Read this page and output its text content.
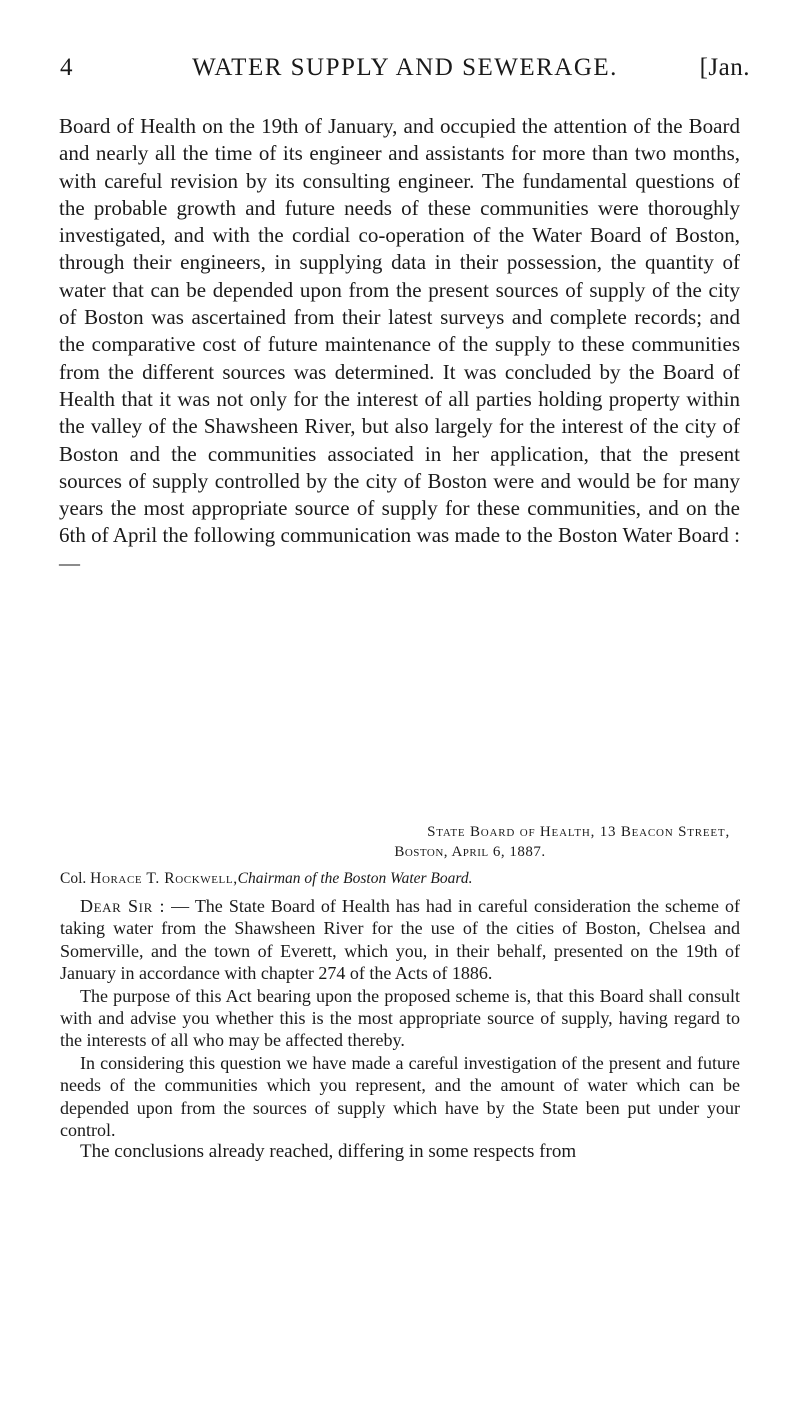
4	WATER SUPPLY AND SEWERAGE.	[Jan.

Board of Health on the 19th of January, and occupied the attention of the Board and nearly all the time of its engineer and assistants for more than two months, with careful revision by its consulting engineer. The fundamental questions of the probable growth and future needs of these communities were thoroughly investigated, and with the cordial co-operation of the Water Board of Boston, through their engineers, in supplying data in their possession, the quantity of water that can be depended upon from the present sources of supply of the city of Boston was ascertained from their latest surveys and complete records; and the comparative cost of future maintenance of the supply to these communities from the different sources was determined. It was concluded by the Board of Health that it was not only for the interest of all parties holding property within the valley of the Shawsheen River, but also largely for the interest of the city of Boston and the communities associated in her application, that the present sources of supply controlled by the city of Boston were and would be for many years the most appropriate source of supply for these communities, and on the 6th of April the following communication was made to the Boston Water Board : —

State Board of Health, 13 Beacon Street,
Boston, April 6, 1887.
Col. Horace T. Rockwell,Chairman of the Boston Water Board.

Dear Sir : — The State Board of Health has had in careful consideration the scheme of taking water from the Shawsheen River for the use of the cities of Boston, Chelsea and Somerville, and the town of Everett, which you, in their behalf, presented on the 19th of January in accordance with chapter 274 of the Acts of 1886.

The purpose of this Act bearing upon the proposed scheme is, that this Board shall consult with and advise you whether this is the most appropriate source of supply, having regard to the interests of all who may be affected thereby.

In considering this question we have made a careful investigation of the present and future needs of the communities which you represent, and the amount of water which can be depended upon from the sources of supply which have by the State been put under your control.

The conclusions already reached, differing in some respects from
